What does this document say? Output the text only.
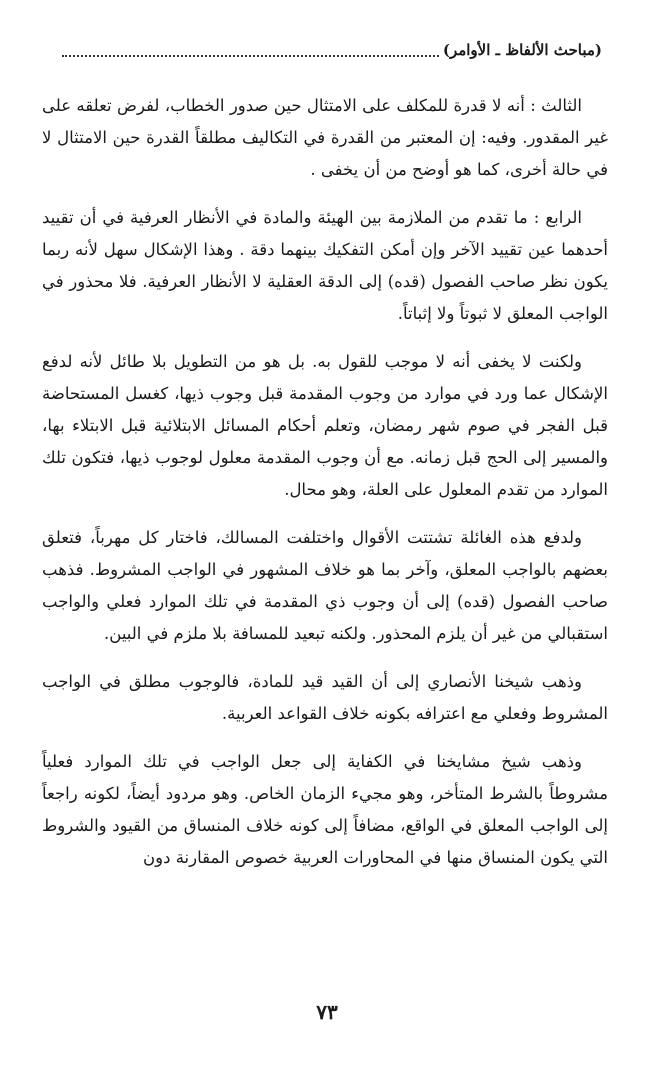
(مباحث الألفاظ ـ الأوامر)

الثالث : أنه لا قدرة للمكلف على الامتثال حين صدور الخطاب، لفرض تعلقه على غير المقدور. وفيه: إن المعتبر من القدرة في التكاليف مطلقاً القدرة حين الامتثال لا في حالة أخرى، كما هو أوضح من أن يخفى .

الرابع : ما تقدم من الملازمة بين الهيئة والمادة في الأنظار العرفية في أن تقييد أحدهما عين تقييد الآخر وإن أمكن التفكيك بينهما دقة . وهذا الإشكال سهل لأنه ربما يكون نظر صاحب الفصول (قده) إلى الدقة العقلية لا الأنظار العرفية. فلا محذور في الواجب المعلق لا ثبوتاً ولا إثباتاً.

ولكنت لا يخفى أنه لا موجب للقول به. بل هو من التطويل بلا طائل لأنه لدفع الإشكال عما ورد في موارد من وجوب المقدمة قبل وجوب ذيها، كغسل المستحاضة قبل الفجر في صوم شهر رمضان، وتعلم أحكام المسائل الابتلائية قبل الابتلاء بها، والمسير إلى الحج قبل زمانه. مع أن وجوب المقدمة معلول لوجوب ذيها، فتكون تلك الموارد من تقدم المعلول على العلة، وهو محال.

ولدفع هذه الغائلة تشتتت الأقوال واختلفت المسالك، فاختار كل مهرباً، فتعلق بعضهم بالواجب المعلق، وآخر بما هو خلاف المشهور في الواجب المشروط. فذهب صاحب الفصول (قده) إلى أن وجوب ذي المقدمة في تلك الموارد فعلي والواجب استقبالي من غير أن يلزم المحذور. ولكنه تبعيد للمسافة بلا ملزم في البين.

وذهب شيخنا الأنصاري إلى أن القيد قيد للمادة، فالوجوب مطلق في الواجب المشروط وفعلي مع اعترافه بكونه خلاف القواعد العربية.

وذهب شيخ مشايخنا في الكفاية إلى جعل الواجب في تلك الموارد فعلياً مشروطاً بالشرط المتأخر، وهو مجيء الزمان الخاص. وهو مردود أيضاً، لكونه راجعاً إلى الواجب المعلق في الواقع، مضافاً إلى كونه خلاف المنساق من القيود والشروط التي يكون المنساق منها في المحاورات العربية خصوص المقارنة دون

٧٣
